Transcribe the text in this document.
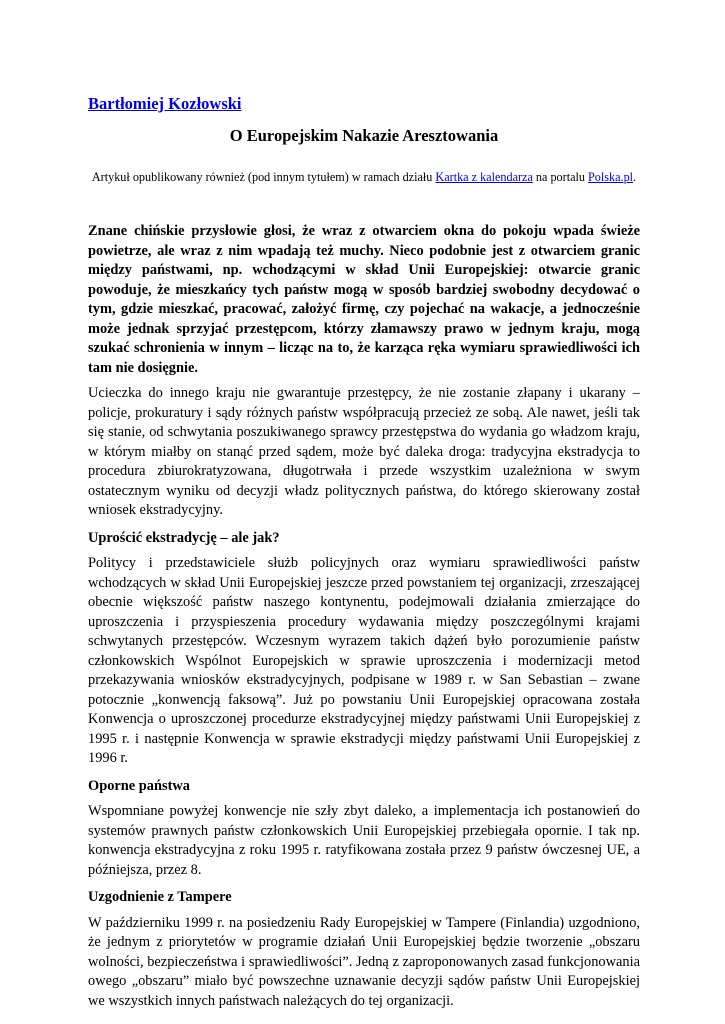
Bartłomiej Kozłowski
O Europejskim Nakazie Aresztowania

Artykuł opublikowany również (pod innym tytułem) w ramach działu Kartka z kalendarza na portalu Polska.pl.

Znane chińskie przysłowie głosi, że wraz z otwarciem okna do pokoju wpada świeże powietrze, ale wraz z nim wpadają też muchy. Nieco podobnie jest z otwarciem granic między państwami, np. wchodzącymi w skład Unii Europejskiej: otwarcie granic powoduje, że mieszkańcy tych państw mogą w sposób bardziej swobodny decydować o tym, gdzie mieszkać, pracować, założyć firmę, czy pojechać na wakacje, a jednocześnie może jednak sprzyjać przestępcom, którzy złamawszy prawo w jednym kraju, mogą szukać schronienia w innym – licząc na to, że karząca ręka wymiaru sprawiedliwości ich tam nie dosięgnie.

Ucieczka do innego kraju nie gwarantuje przestępcy, że nie zostanie złapany i ukarany – policje, prokuratury i sądy różnych państw współpracują przecież ze sobą. Ale nawet, jeśli tak się stanie, od schwytania poszukiwanego sprawcy przestępstwa do wydania go władzom kraju, w którym miałby on stanąć przed sądem, może być daleka droga: tradycyjna ekstradycja to procedura zbiurokratyzowana, długotrwała i przede wszystkim uzależniona w swym ostatecznym wyniku od decyzji władz politycznych państwa, do którego skierowany został wniosek ekstradycyjny.

Uprościć ekstradycję – ale jak?

Politycy i przedstawiciele służb policyjnych oraz wymiaru sprawiedliwości państw wchodzących w skład Unii Europejskiej jeszcze przed powstaniem tej organizacji, zrzeszającej obecnie większość państw naszego kontynentu, podejmowali działania zmierzające do uproszczenia i przyspieszenia procedury wydawania między poszczególnymi krajami schwytanych przestępców. Wczesnym wyrazem takich dążeń było porozumienie państw członkowskich Wspólnot Europejskich w sprawie uproszczenia i modernizacji metod przekazywania wniosków ekstradycyjnych, podpisane w 1989 r. w San Sebastian – zwane potocznie „konwencją faksową”. Już po powstaniu Unii Europejskiej opracowana została Konwencja o uproszczonej procedurze ekstradycyjnej między państwami Unii Europejskiej z 1995 r. i następnie Konwencja w sprawie ekstradycji między państwami Unii Europejskiej z 1996 r.

Oporne państwa

Wspomniane powyżej konwencje nie szły zbyt daleko, a implementacja ich postanowień do systemów prawnych państw członkowskich Unii Europejskiej przebiegała opornie. I tak np. konwencja ekstradycyjna z roku 1995 r. ratyfikowana została przez 9 państw ówczesnej UE, a późniejsza, przez 8.

Uzgodnienie z Tampere

W październiku 1999 r. na posiedzeniu Rady Europejskiej w Tampere (Finlandia) uzgodniono, że jednym z priorytetów w programie działań Unii Europejskiej będzie tworzenie „obszaru wolności, bezpieczeństwa i sprawiedliwości”. Jedną z zaproponowanych zasad funkcjonowania owego „obszaru” miało być powszechne uznawanie decyzji sądów państw Unii Europejskiej we wszystkich innych państwach należących do tej organizacji.
